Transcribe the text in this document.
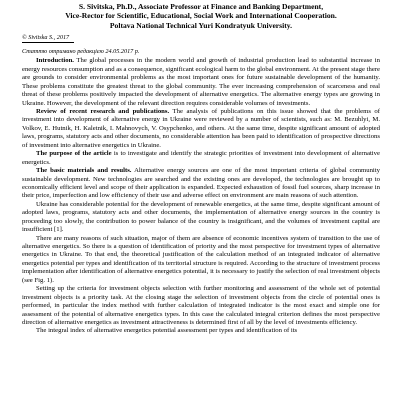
S. Sivitska, Ph.D., Associate Professor at Finance and Banking Department,
Vice-Rector for Scientific, Educational, Social Work and International Cooperation.
Poltava National Technical Yuri Kondratyuk University.
© Sivitska S., 2017
Статтю отримано редакцією 24.05.2017 р.

Introduction. The global processes in the modern world and growth of industrial production lead to substantial increase in energy resources consumption and as a consequence, significant ecological harm to the global environment. At the present stage there are grounds to consider environmental problems as the most important ones for future sustainable development of the humanity. These problems constitute the greatest threat to the global community. The ever increasing comprehension of scarceness and real threat of these problems positively impacted the development of alternative energetics. The alternative energy types are growing in Ukraine. However, the development of the relevant direction requires considerable volumes of investments.

Review of recent research and publications. The analysis of publications on this issue showed that the problems of investment into development of alternative energy in Ukraine were reviewed by a number of scientists, such as: M. Bezuhlyi, M. Volkov, E. Hutnik, H. Kaletnik, I. Mahnovych, V. Osypchenko, and others. At the same time, despite significant amount of adopted laws, programs, statutory acts and other documents, no considerable attention has been paid to identification of prospective directions of investment into alternative energetics in Ukraine.

The purpose of the article is to investigate and identify the strategic priorities of investment into development of alternative energetics.

The basic materials and results. Alternative energy sources are one of the most important criteria of global community sustainable development. New technologies are searched and the existing ones are developed, the technologies are brought up to economically efficient level and scope of their application is expanded. Expected exhaustion of fossil fuel sources, sharp increase in their price, imperfection and low efficiency of their use and adverse effect on environment are main reasons of such attention.

Ukraine has considerable potential for the development of renewable energetics, at the same time, despite significant amount of adopted laws, programs, statutory acts and other documents, the implementation of alternative energy sources in the country is proceeding too slowly, the contribution to power balance of the country is insignificant, and the volumes of investment capital are insufficient [1].

There are many reasons of such situation, major of them are absence of economic incentives system of transition to the use of alternative energetics. So there is a question of identification of priority and the most perspective for investment types of alternative energetics in Ukraine. To that end, the theoretical justification of the calculation method of an integrated indicator of alternative energetics potential per types and identification of its territorial structure is required. According to the structure of investment process implementation after identification of alternative energetics potential, it is necessary to justify the selection of real investment objects (see Fig. 1).

Setting up the criteria for investment objects selection with further monitoring and assessment of the whole set of potential investment objects is a priority task. At the closing stage the selection of investment objects from the circle of potential ones is performed, in particular the index method with further calculation of integrated indicator is the most exact and simple one for assessment of the potential of alternative energetics types. In this case the calculated integral criterion defines the most perspective direction of alternative energetics as investment attractiveness is determined first of all by the level of investments efficiency.

The integral index of alternative energetics potential assessment per types and identification of its
